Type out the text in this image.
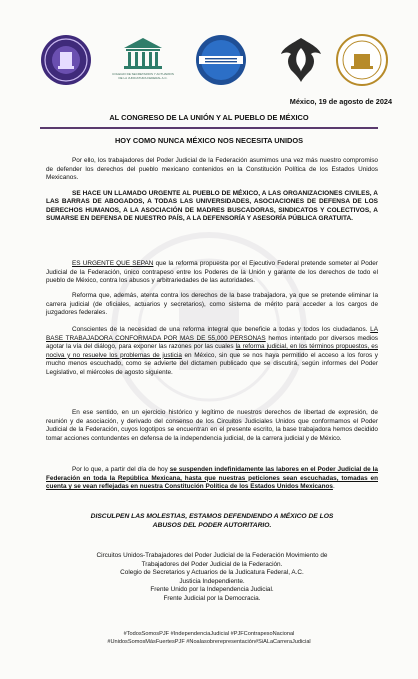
COLEGIO DE SECRETARIOS Y ACTUARIOS
DE LA JUDICATURA FEDERAL A.C.
México, 19 de agosto de 2024
AL CONGRESO DE LA UNIÓN Y AL PUEBLO DE MÉXICO
HOY COMO NUNCA MÉXICO NOS NECESITA UNIDOS
Por ello, los trabajadores del Poder Judicial de la Federación asumimos una vez más nuestro compromiso de defender los derechos del pueblo mexicano contenidos en la Constitución Política de los Estados Unidos Mexicanos.
SE HACE UN LLAMADO URGENTE AL PUEBLO DE MÉXICO, A LAS ORGANIZACIONES CIVILES, A LAS BARRAS DE ABOGADOS, A TODAS LAS UNIVERSIDADES, ASOCIACIONES DE DEFENSA DE LOS DERECHOS HUMANOS, A LA ASOCIACIÓN DE MADRES BUSCADORAS, SINDICATOS Y COLECTIVOS, A SUMARSE EN DEFENSA DE NUESTRO PAÍS, A LA DEFENSORÍA Y ASESORÍA PÚBLICA GRATUITA.
ES URGENTE QUE SEPAN que la reforma propuesta por el Ejecutivo Federal pretende someter al Poder Judicial de la Federación, único contrapeso entre los Poderes de la Unión y garante de los derechos de todo el pueblo de México, contra los abusos y arbitrariedades de las autoridades.
Reforma que, además, atenta contra los derechos de la base trabajadora, ya que se pretende eliminar la carrera judicial (de oficiales, actuarios y secretarios), como sistema de mérito para acceder a los cargos de juzgadores federales.
Conscientes de la necesidad de una reforma integral que beneficie a todas y todos los ciudadanos. LA BASE TRABAJADORA CONFORMADA POR MAS DE 55,000 PERSONAS hemos intentado por diversos medios agotar la vía del diálogo, para exponer las razones por las cuales la reforma judicial, en los términos propuestos, es nociva y no resuelve los problemas de justicia en México, sin que se nos haya permitido el acceso a los foros y mucho menos escuchado, como se advierte del dictamen publicado que se discutirá, según informes del Poder Legislativo, el miércoles de agosto siguiente.
En ese sentido, en un ejercicio histórico y legítimo de nuestros derechos de libertad de expresión, de reunión y de asociación, y derivado del consenso de los Circuitos Judiciales Unidos que conformamos el Poder Judicial de la Federación, cuyos logotipos se encuentran en el presente escrito, la base trabajadora hemos decidido tomar acciones contundentes en defensa de la independencia judicial, de la carrera judicial y de México.
Por lo que, a partir del día de hoy se suspenden indefinidamente las labores en el Poder Judicial de la Federación en toda la República Mexicana, hasta que nuestras peticiones sean escuchadas, tomadas en cuenta y se vean reflejadas en nuestra Constitución Política de los Estados Unidos Mexicanos.
DISCULPEN LAS MOLESTIAS, ESTAMOS DEFENDIENDO A MÉXICO DE LOS
ABUSOS DEL PODER AUTORITARIO.
Circuitos Unidos-Trabajadores del Poder Judicial de la Federación Movimiento de
Trabajadores del Poder Judicial de la Federación.
Colegio de Secretarios y Actuarios de la Judicatura Federal, A.C.
Justicia Independiente.
Frente Unido por la Independencia Judicial.
Frente Judicial por la Democracia.
#TodosSomosPJF #IndependenciaJudicial #PJFContrapesoNacional
#UnidosSomosMásFuertesPJF #Noalasobrerepresentación#SiALaCarreraJudicial
